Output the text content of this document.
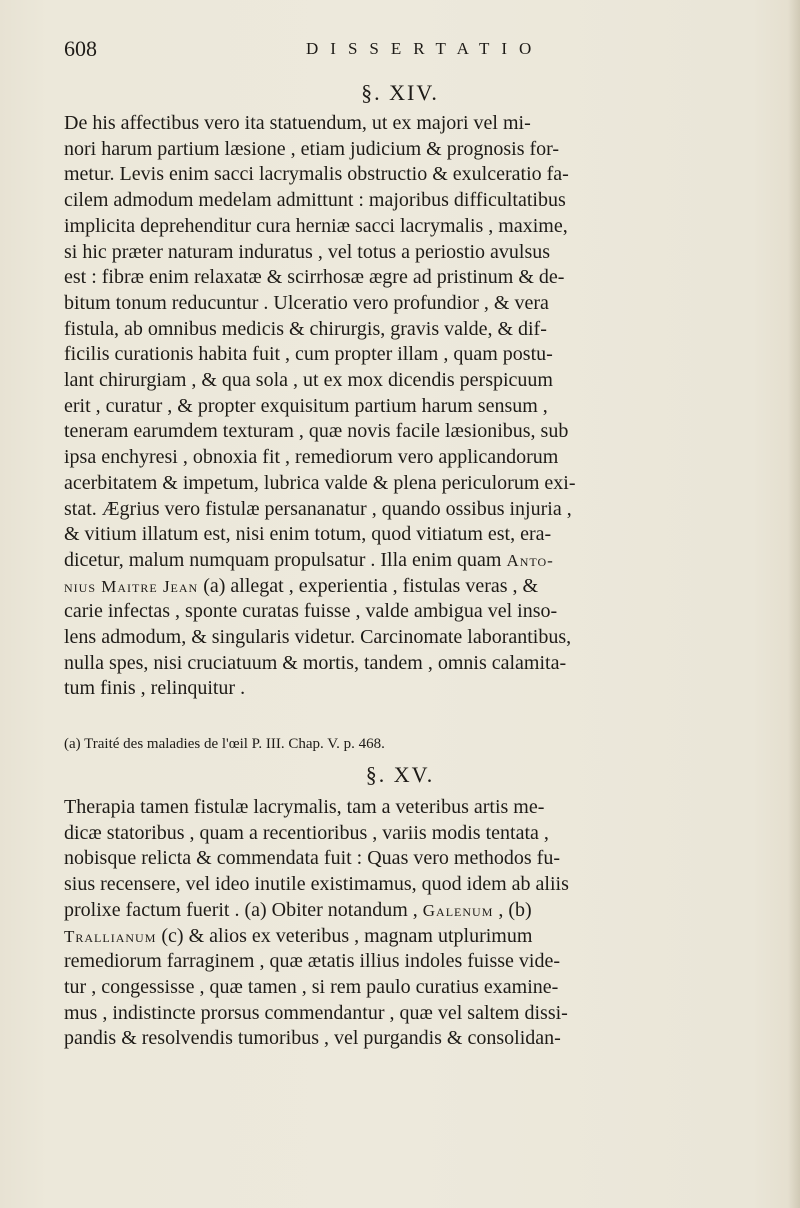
608	DISSERTATIO
§. XIV.

De his affectibus vero ita statuendum, ut ex majori vel mi-
nori harum partium læsione , etiam judicium & prognosis for-
metur. Levis enim sacci lacrymalis obstructio & exulceratio fa-
cilem admodum medelam admittunt : majoribus difficultatibus
implicita deprehenditur cura herniæ sacci lacrymalis , maxime,
si hic præter naturam induratus , vel totus a periostio avulsus
est : fibræ enim relaxatæ & scirrhosæ ægre ad pristinum & de-
bitum tonum reducuntur . Ulceratio vero profundior , & vera
fistula, ab omnibus medicis & chirurgis, gravis valde, & dif-
ficilis curationis habita fuit , cum propter illam , quam postu-
lant chirurgiam , & qua sola , ut ex mox dicendis perspicuum
erit , curatur , & propter exquisitum partium harum sensum ,
teneram earumdem texturam , quæ novis facile læsionibus, sub
ipsa enchyresi , obnoxia fit , remediorum vero applicandorum
acerbitatem & impetum, lubrica valde & plena periculorum exi-
stat. Ægrius vero fistulæ persananatur , quando ossibus injuria ,
& vitium illatum est, nisi enim totum, quod vitiatum est, era-
dicetur, malum numquam propulsatur . Illa enim quam Anto-
nius Maitre Jean (a) allegat , experientia , fistulas veras , &
carie infectas , sponte curatas fuisse , valde ambigua vel inso-
lens admodum, & singularis videtur. Carcinomate laborantibus,
nulla spes, nisi cruciatuum & mortis, tandem , omnis calamita-
tum finis , relinquitur .

(a) Traité des maladies de l'œil P. III. Chap. V. p. 468.
§. XV.

Therapia tamen fistulæ lacrymalis, tam a veteribus artis me-
dicæ statoribus , quam a recentioribus , variis modis tentata ,
nobisque relicta & commendata fuit : Quas vero methodos fu-
sius recensere, vel ideo inutile existimamus, quod idem ab aliis
prolixe factum fuerit . (a) Obiter notandum , Galenum , (b)
Trallianum (c) & alios ex veteribus , magnam utplurimum
remediorum farraginem , quæ ætatis illius indoles fuisse vide-
tur , congessisse , quæ tamen , si rem paulo curatius examine-
mus , indistincte prorsus commendantur , quæ vel saltem dissi-
pandis & resolvendis tumoribus , vel purgandis & consolidan-
